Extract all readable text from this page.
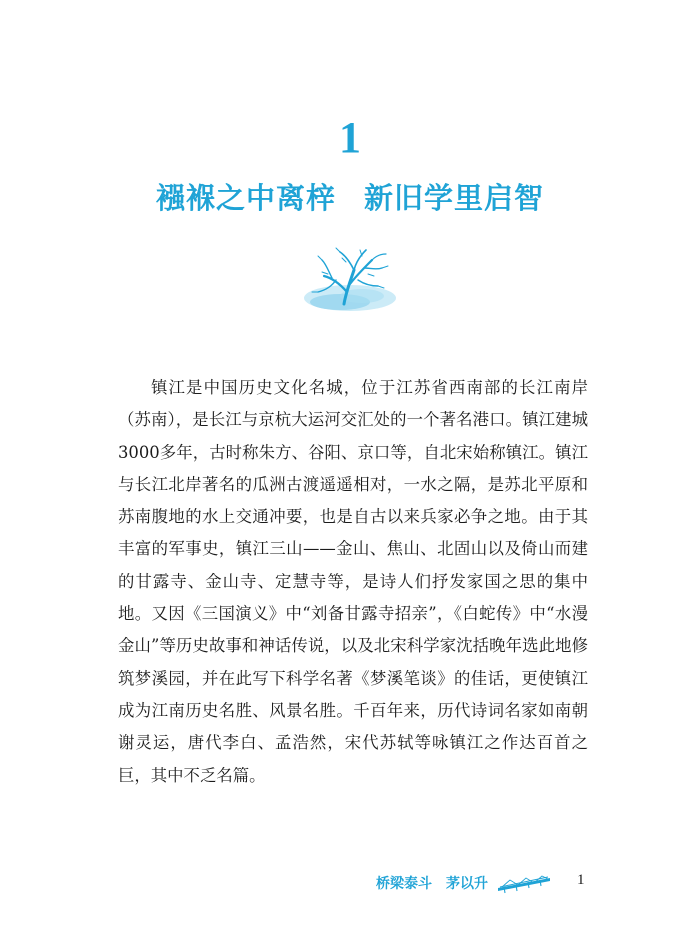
1
襁褓之中离梓 新旧学里启智
镇江是中国历史文化名城，位于江苏省西南部的长江南岸（苏南），是长江与京杭大运河交汇处的一个著名港口。镇江建城3000多年，古时称朱方、谷阳、京口等，自北宋始称镇江。镇江与长江北岸著名的瓜洲古渡遥遥相对，一水之隔，是苏北平原和苏南腹地的水上交通冲要，也是自古以来兵家必争之地。由于其丰富的军事史，镇江三山——金山、焦山、北固山以及倚山而建的甘露寺、金山寺、定慧寺等，是诗人们抒发家国之思的集中地。又因《三国演义》中“刘备甘露寺招亲”，《白蛇传》中“水漫金山”等历史故事和神话传说，以及北宋科学家沈括晚年选此地修筑梦溪园，并在此写下科学名著《梦溪笔谈》的佳话，更使镇江成为江南历史名胜、风景名胜。千百年来，历代诗词名家如南朝谢灵运，唐代李白、孟浩然，宋代苏轼等咏镇江之作达百首之巨，其中不乏名篇。
桥梁泰斗 茅以升	1
